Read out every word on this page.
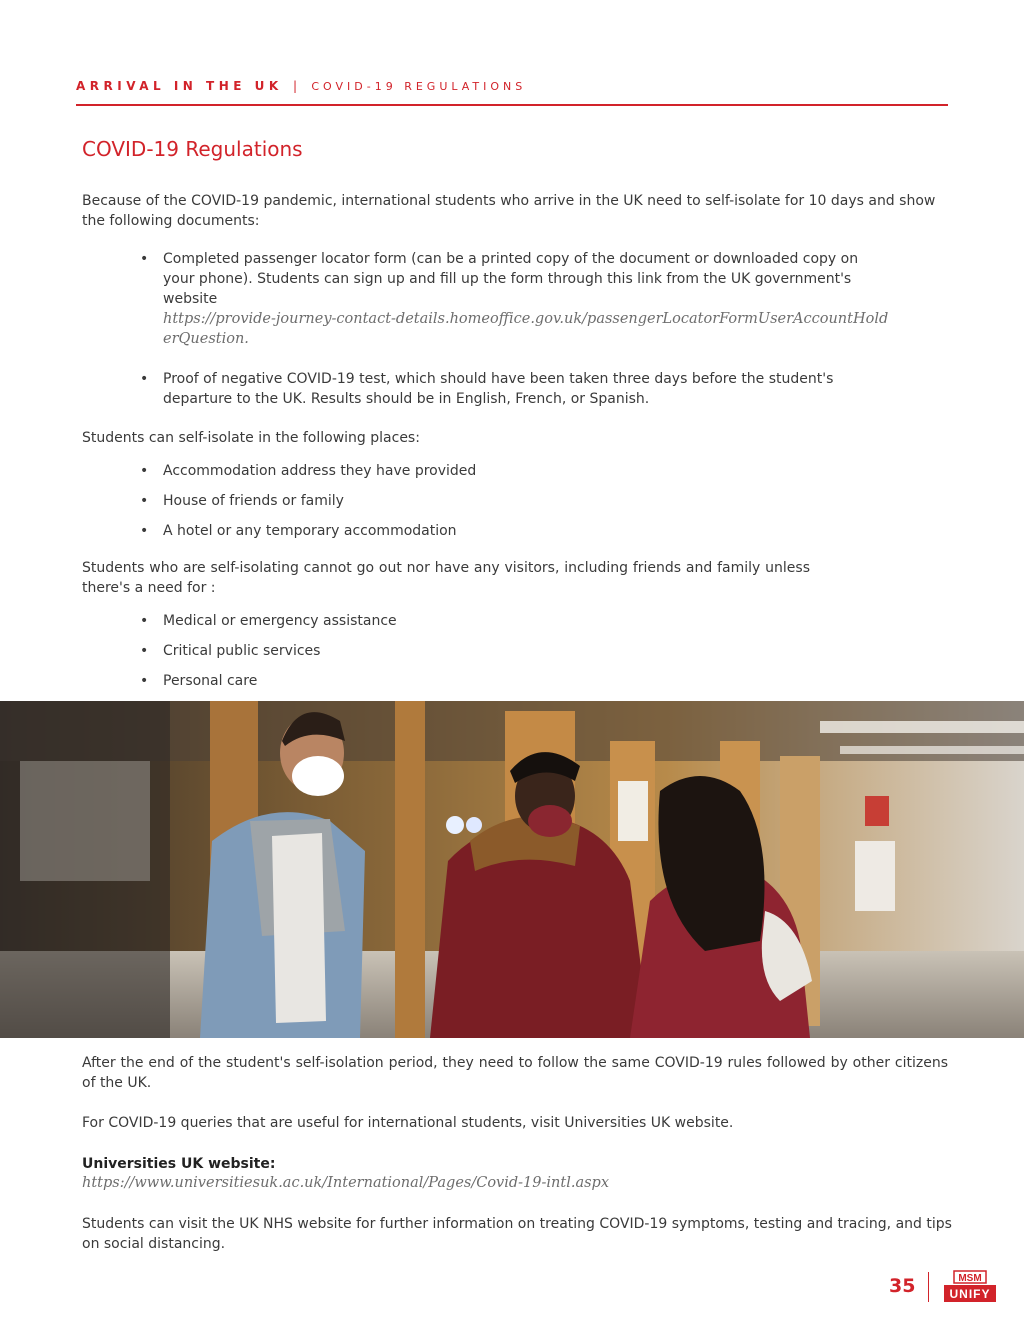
ARRIVAL IN THE UK | COVID-19 REGULATIONS
COVID-19 Regulations

Because of the COVID-19 pandemic, international students who arrive in the UK need to self-isolate for 10 days and show the following documents:

• Completed passenger locator form (can be a printed copy of the document or downloaded copy on your phone). Students can sign up and fill up the form through this link from the UK government's website
https://provide-journey-contact-details.homeoffice.gov.uk/passengerLocatorFormUserAccountHolderQuestion.
• Proof of negative COVID-19 test, which should have been taken three days before the student's departure to the UK. Results should be in English, French, or Spanish.

Students can self-isolate in the following places:

• Accommodation address they have provided
• House of friends or family
• A hotel or any temporary accommodation

Students who are self-isolating cannot go out nor have any visitors, including friends and family unless there's a need for :

• Medical or emergency assistance
• Critical public services
• Personal care

After the end of the student's self-isolation period, they need to follow the same COVID-19 rules followed by other citizens of the UK.

For COVID-19 queries that are useful for international students, visit Universities UK website.

Universities UK website:

https://www.universitiesuk.ac.uk/International/Pages/Covid-19-intl.aspx

Students can visit the UK NHS website for further information on treating COVID-19 symptoms, testing and tracing, and tips on social distancing.

35	MSM
UNIFY
